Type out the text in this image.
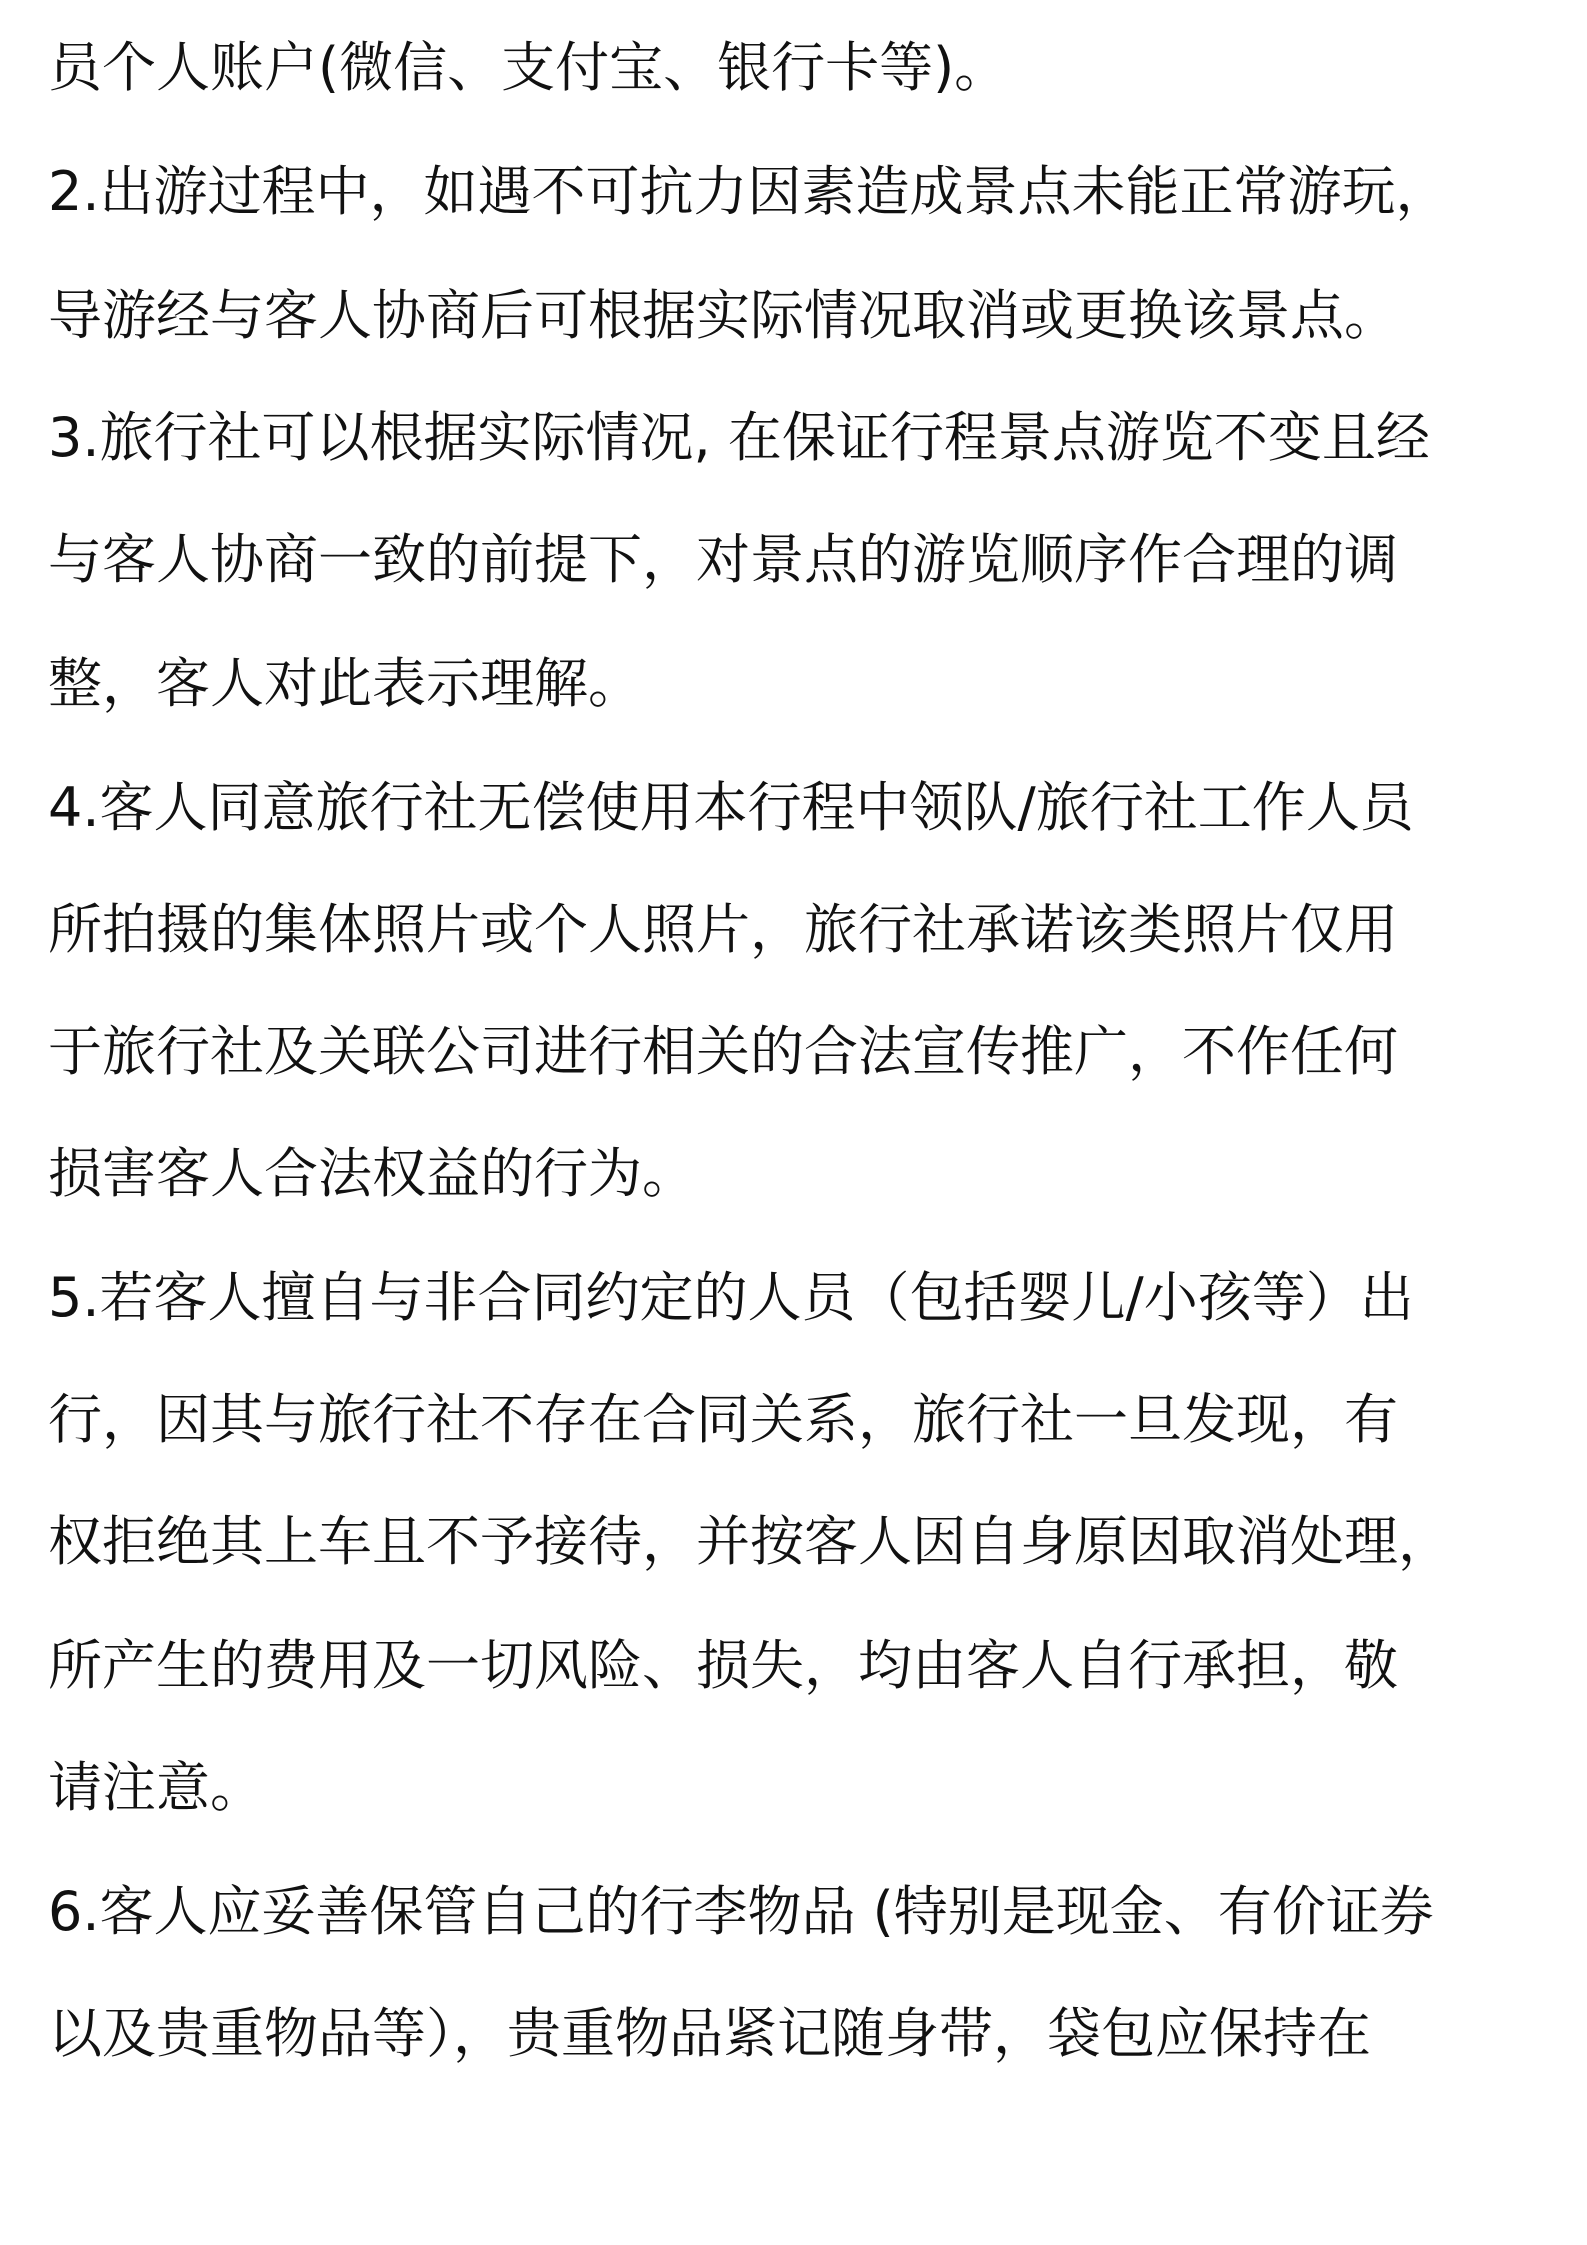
员个人账户(微信、支付宝、银行卡等)。

2.出游过程中，如遇不可抗力因素造成景点未能正常游玩，

导游经与客人协商后可根据实际情况取消或更换该景点。

3.旅行社可以根据实际情况, 在保证行程景点游览不变且经

与客人协商一致的前提下，对景点的游览顺序作合理的调

整，客人对此表示理解。

4.客人同意旅行社无偿使用本行程中领队/旅行社工作人员

所拍摄的集体照片或个人照片，旅行社承诺该类照片仅用

于旅行社及关联公司进行相关的合法宣传推广，不作任何

损害客人合法权益的行为。

5.若客人擅自与非合同约定的人员（包括婴儿/小孩等）出

行，因其与旅行社不存在合同关系，旅行社一旦发现，有

权拒绝其上车且不予接待，并按客人因自身原因取消处理，

所产生的费用及一切风险、损失，均由客人自行承担，敬

请注意。

6.客人应妥善保管自己的行李物品 (特别是现金、有价证券

以及贵重物品等），贵重物品紧记随身带，袋包应保持在
